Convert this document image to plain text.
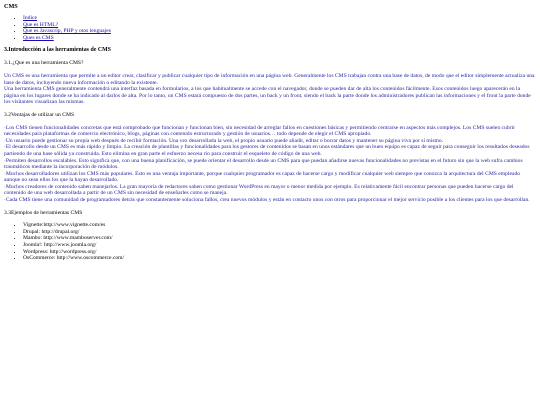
CMS
• Indice
• Que es HTML?
• Que es Javascrip, PHP y otos lenguajes
• Ques es CMS
3.Introducción a las herramientas de CMS

3.1.¿Que es una herramienta CMS?

Un CMS es una herramienta que permite a un editor crear, clasificar y publicar cualquier tipo de información en una página web. Generalmente los CMS trabajan contra una base de datos, de modo que el editor simplemente actualiza una base de datos, incluyendo nueva información o editando la existente.

Una herramienta CMS generalmente contendrá una interfaz basada en formularios, a los que habitualmente se accede con el navegador, donde se pueden dar de alta los contenidos fácilmente. Esos contenidos luego aparecerán en la página en los lugares donde se ha indicado al darlos de alta. Por lo tanto, un CMS estará compuesto de dos partes, un back y un front, siendo el back la parte donde los administradores publican las informaciones y el front la parte donde los visitantes visualizan las mismas.

3.2Ventajas de utilizar un CMS

·Los CMS tienen funcionalidades concretas que está comprobado que funcionan y funcionan bien, sin necesidad de arreglar fallos en cuestiones básicas y permitiendo centrarse en aspectos más complejos. Los CMS suelen cubrir necesidades para plataformas de comercio electrónico, blogs, páginas con contenido estructurado y gestión de usuarios… todo depende de elegir el CMS apropiado.

·Un usuario puede gestionar su propia web después de recibir formación. Una vez desarrollada la web, el propio usuario puede añadir, editar o borrar datos y mantener su página viva por sí mismo.

·El desarrollo desde un CMS es más rápido y limpio. La creación de plantillas y funcionalidades para los gestores de contenidos se basan en unos estándares que un buen equipo es capaz de seguir para conseguir los resultados deseados partiendo de una base sólida ya construida. Esto elimina en gran parte el esfuerzo necesa rio para construir el esqueleto de código de una web.

·Permiten desarrollos escalables. Esto significa que, con una buena planificación, se puede orientar el desarrollo desde un CMS para que puedan añadirse nuevas funcionalidades no previstas en el futuro sin que la web sufra cambios traumáticos mediante la incorporación de módulos.

·Muchos desarrolladores utilizan los CMS más populares. Esto es una ventaja importante, porque cualquier programador es capaz de hacerse cargo y modificar cualquier web siempre que conozca la arquitectura del CMS empleado aunque no sean ellos los que la hayan desarrollado.

·Muchos creadores de contenido saben manejarlos. La gran mayoría de redactores saben como gestionar WordPress en mayor o menor medida por ejemplo. Es relativamente fácil encontrar personas que pueden hacerse cargo del contenido de una web desarrollada a partir de un CMS sin necesidad de enseñarles como se maneja.

·Cada CMS tiene una comunidad de programadores detrás que constantemente soluciona fallos, crea nuevos módulos y están en contacto unos con otros para proporcionar el mejor servicio posible a los clientes para los que desarrollan.

3.3Ejemplos de herramientas CMS

• Vignette:http://www.vignette.com/es
• Drupal: http://drupal.org/
• Mambo: http://www.mamboserver.com/
• Joomla!: http://www.joomla.org/
• Wordpress: http://wordpress.org/
• OsCommerce: http://www.oscommerce.com/
